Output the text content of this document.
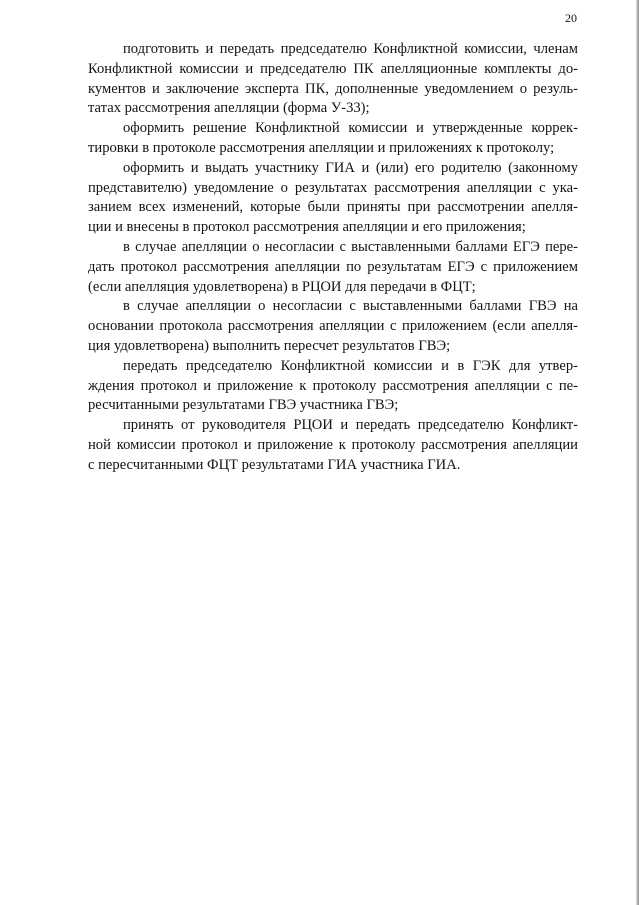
20
подготовить и передать председателю Конфликтной комиссии, членам
Конфликтной комиссии и председателю ПК апелляционные комплекты до-
кументов и заключение эксперта ПК, дополненные уведомлением о резуль-
татах рассмотрения апелляции (форма У-33);
оформить решение Конфликтной комиссии и утвержденные коррек-
тировки в протоколе рассмотрения апелляции и приложениях к протоколу;
оформить и выдать участнику ГИА и (или) его родителю (законному
представителю) уведомление о результатах рассмотрения апелляции с ука-
занием всех изменений, которые были приняты при рассмотрении апелля-
ции и внесены в протокол рассмотрения апелляции и его приложения;
в случае апелляции о несогласии с выставленными баллами ЕГЭ пере-
дать протокол рассмотрения апелляции по результатам ЕГЭ с приложением
(если апелляция удовлетворена) в РЦОИ для передачи в ФЦТ;
в случае апелляции о несогласии с выставленными баллами ГВЭ на
основании протокола рассмотрения апелляции с приложением (если апелля-
ция удовлетворена) выполнить пересчет результатов ГВЭ;
передать председателю Конфликтной комиссии и в ГЭК для утвер-
ждения протокол и приложение к протоколу рассмотрения апелляции с пе-
ресчитанными результатами ГВЭ участника ГВЭ;
принять от руководителя РЦОИ и передать председателю Конфликт-
ной комиссии протокол и приложение к протоколу рассмотрения апелляции
с пересчитанными ФЦТ результатами ГИА участника ГИА.
